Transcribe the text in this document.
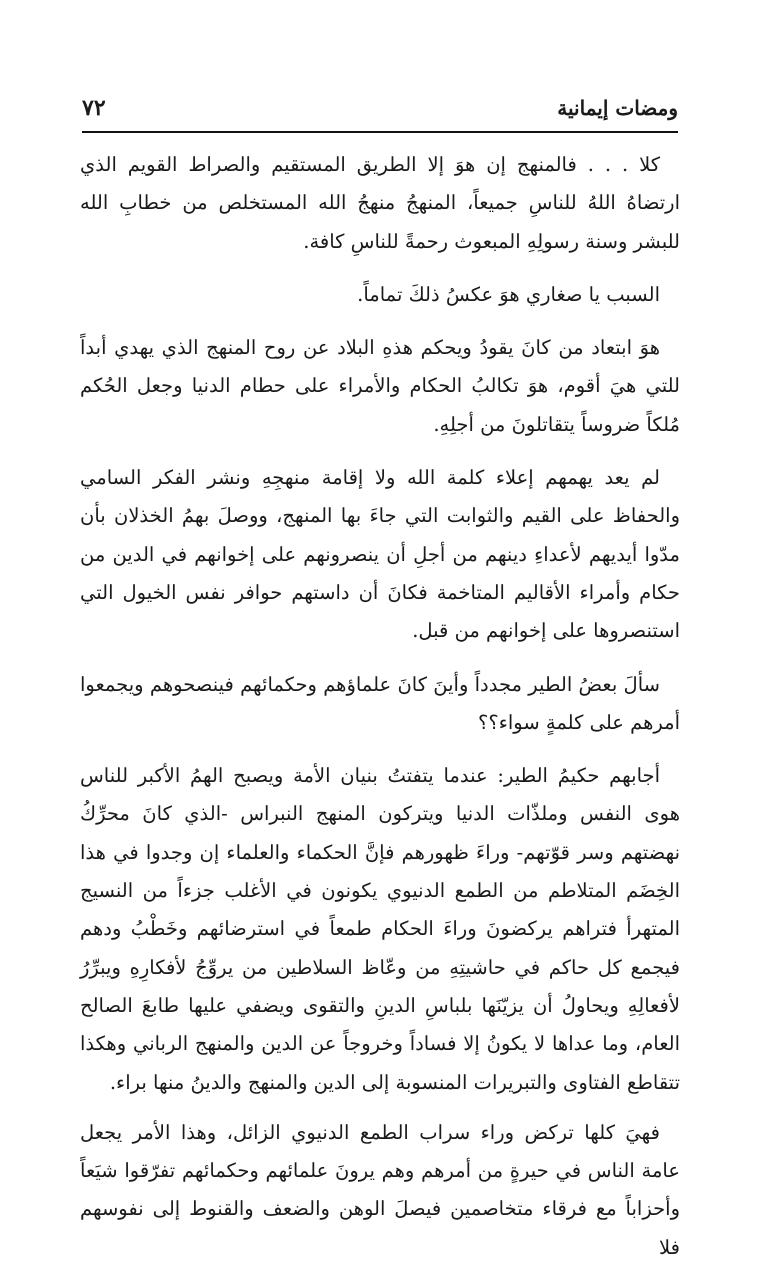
٧٢	ومضات إيمانية

كلا . . . فالمنهج إن هوَ إلا الطريق المستقيم والصراط القويم الذي ارتضاهُ اللهُ للناسِ جميعاً، المنهجُ منهجُ الله المستخلص من خطابِ الله للبشر وسنة رسولِهِ المبعوث رحمةً للناسِ كافة.

السبب يا صغاري هوَ عكسُ ذلكَ تماماً.

هوَ ابتعاد من كانَ يقودُ ويحكم هذهِ البلاد عن روح المنهج الذي يهدي أبداً للتي هيَ أقوم، هوَ تكالبُ الحكام والأمراء على حطام الدنيا وجعل الحُكم مُلكاً ضروساً يتقاتلونَ من أجلِهِ.

لم يعد يهمهم إعلاء كلمة الله ولا إقامة منهجِهِ ونشر الفكر السامي والحفاظ على القيم والثوابت التي جاءَ بها المنهج، ووصلَ بهمُ الخذلان بأن مدّوا أيديهم لأعداءِ دينهم من أجلِ أن ينصرونهم على إخوانهم في الدين من حكام وأمراء الأقاليم المتاخمة فكانَ أن داستهم حوافر نفس الخيول التي استنصروها على إخوانهم من قبل.

سألَ بعضُ الطير مجدداً وأينَ كانَ علماؤهم وحكمائهم فينصحوهم ويجمعوا أمرهم على كلمةٍ سواء؟؟

أجابهم حكيمُ الطير: عندما يتفتتُ بنيان الأمة ويصبح الهمُ الأكبر للناس هوى النفس وملذّات الدنيا ويتركون المنهج النبراس -الذي كانَ محرِّكُ نهضتهم وسر قوّتهم- وراءَ ظهورهم فإنَّ الحكماء والعلماء إن وجدوا في هذا الخِضَم المتلاطم من الطمع الدنيوي يكونون في الأغلب جزءاً من النسيج المتهرأ فتراهم يركضونَ وراءَ الحكام طمعاً في استرضائهم وخَطْبُ ودهم فيجمع كل حاكم في حاشيتِهِ من وعّاظ السلاطين من يروِّجُ لأفكارِهِ ويبرِّرُ لأفعالِهِ ويحاولُ أن يزيّنَها بلباسِ الدينِ والتقوى ويضفي عليها طابعَ الصالح العام، وما عداها لا يكونُ إلا فساداً وخروجاً عن الدين والمنهج الرباني وهكذا تتقاطع الفتاوى والتبريرات المنسوبة إلى الدين والمنهج والدينُ منها براء.

فهيَ كلها تركض وراء سراب الطمع الدنيوي الزائل، وهذا الأمر يجعل عامة الناس في حيرةٍ من أمرهم وهم يرونَ علمائهم وحكمائهم تفرّقوا شيَعاً وأحزاباً مع فرقاء متخاصمين فيصلَ الوهن والضعف والقنوط إلى نفوسهم فلا
